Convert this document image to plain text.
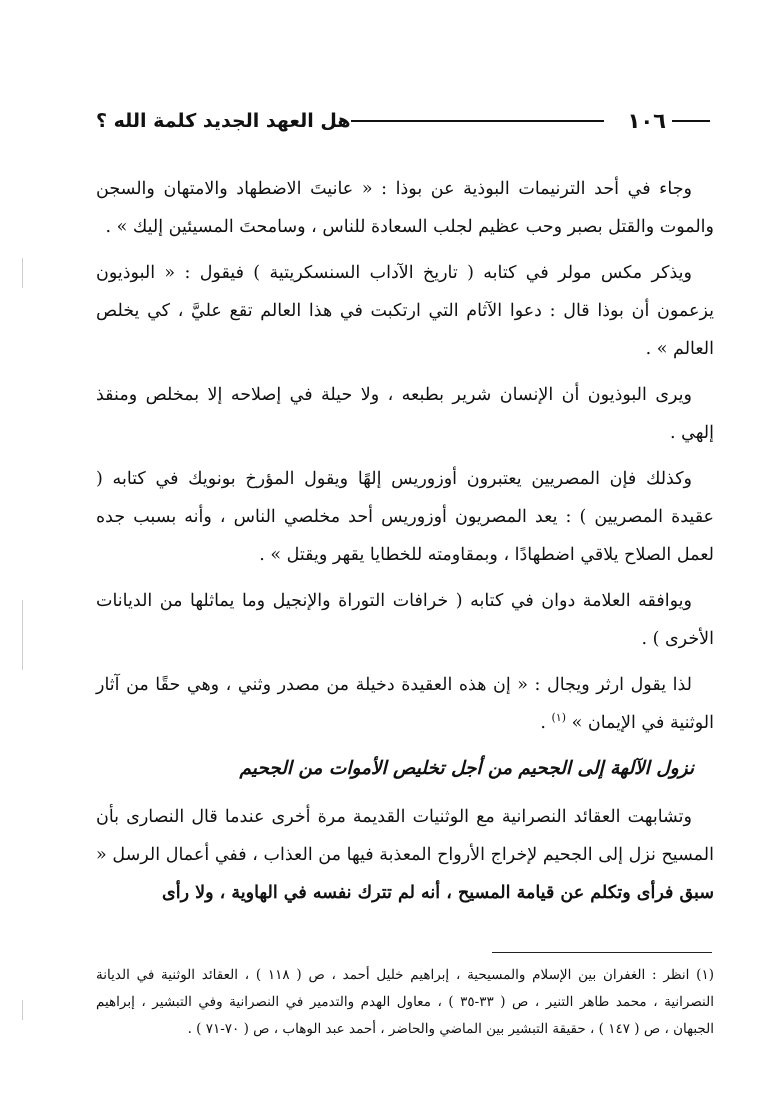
١٠٦
هل العهد الجديد كلمة الله ؟

وجاء في أحد الترنيمات البوذية عن بوذا : « عانيتَ الاضطهاد والامتهان والسجن والموت والقتل بصبر وحب عظيم لجلب السعادة للناس ، وسامحتَ المسيئين إليك » .

ويذكر مكس مولر في كتابه ( تاريخ الآداب السنسكريتية ) فيقول : « البوذيون يزعمون أن بوذا قال : دعوا الآثام التي ارتكبت في هذا العالم تقع عليَّ ، كي يخلص العالم » .

ويرى البوذيون أن الإنسان شرير بطبعه ، ولا حيلة في إصلاحه إلا بمخلص ومنقذ إلهي .

وكذلك فإن المصريين يعتبرون أوزوريس إلهًا ويقول المؤرخ بونويك في كتابه ( عقيدة المصريين ) : يعد المصريون أوزوريس أحد مخلصي الناس ، وأنه بسبب جده لعمل الصلاح يلاقي اضطهادًا ، وبمقاومته للخطايا يقهر ويقتل » .

ويوافقه العلامة دوان في كتابه ( خرافات التوراة والإنجيل وما يماثلها من الديانات الأخرى ) .

لذا يقول ارثر ويجال : « إن هذه العقيدة دخيلة من مصدر وثني ، وهي حقًا من آثار الوثنية في الإيمان » $^{(١)}$ .

نزول الآلهة إلى الجحيم من أجل تخليص الأموات من الجحيم

وتشابهت العقائد النصرانية مع الوثنيات القديمة مرة أخرى عندما قال النصارى بأن المسيح نزل إلى الجحيم لإخراج الأرواح المعذبة فيها من العذاب ، ففي أعمال الرسل « سبق فرأى وتكلم عن قيامة المسيح ، أنه لم تترك نفسه في الهاوية ، ولا رأى

(١) انظر : الغفران بين الإسلام والمسيحية ، إبراهيم خليل أحمد ، ص ( ١١٨ ) ، العقائد الوثنية في الديانة النصرانية ، محمد طاهر التنير ، ص ( ٣٣-٣٥ ) ، معاول الهدم والتدمير في النصرانية وفي التبشير ، إبراهيم الجبهان ، ص ( ١٤٧ ) ، حقيقة التبشير بين الماضي والحاضر ، أحمد عبد الوهاب ، ص ( ٧٠-٧١ ) .
